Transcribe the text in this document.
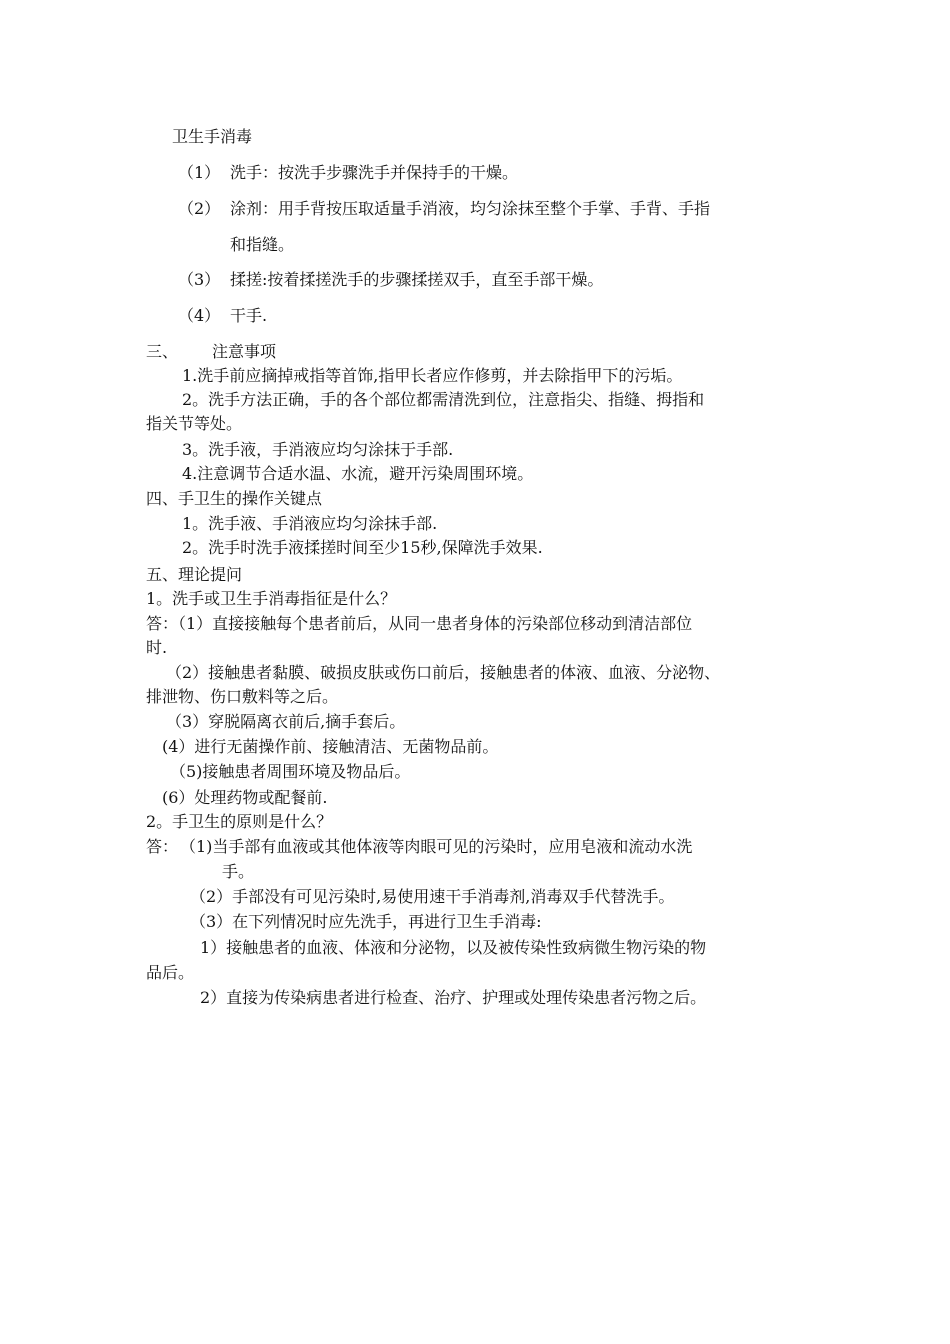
卫生手消毒
（1） 洗手：按洗手步骤洗手并保持手的干燥。
（2） 涂剂：用手背按压取适量手消液，均匀涂抹至整个手掌、手背、手指
和指缝。
（3） 揉搓:按着揉搓洗手的步骤揉搓双手，直至手部干燥。
（4） 干手.
三、 注意事项
1.洗手前应摘掉戒指等首饰,指甲长者应作修剪，并去除指甲下的污垢。
2。洗手方法正确，手的各个部位都需清洗到位，注意指尖、指缝、拇指和
指关节等处。
3。洗手液，手消液应均匀涂抹于手部.
4.注意调节合适水温、水流，避开污染周围环境。
四、手卫生的操作关键点
1。洗手液、手消液应均匀涂抹手部.
2。洗手时洗手液揉搓时间至少15秒,保障洗手效果.
五、理论提问
1。洗手或卫生手消毒指征是什么？
答：（1）直接接触每个患者前后，从同一患者身体的污染部位移动到清洁部位
时.
（2）接触患者黏膜、破损皮肤或伤口前后，接触患者的体液、血液、分泌物、
排泄物、伤口敷料等之后。
（3）穿脱隔离衣前后,摘手套后。
(4）进行无菌操作前、接触清洁、无菌物品前。
（5)接触患者周围环境及物品后。
(6）处理药物或配餐前.
2。手卫生的原则是什么？
答： （1)当手部有血液或其他体液等肉眼可见的污染时，应用皂液和流动水洗
手。
（2）手部没有可见污染时,易使用速干手消毒剂,消毒双手代替洗手。
（3）在下列情况时应先洗手，再进行卫生手消毒:
1）接触患者的血液、体液和分泌物，以及被传染性致病微生物污染的物
品后。
2）直接为传染病患者进行检查、治疗、护理或处理传染患者污物之后。
